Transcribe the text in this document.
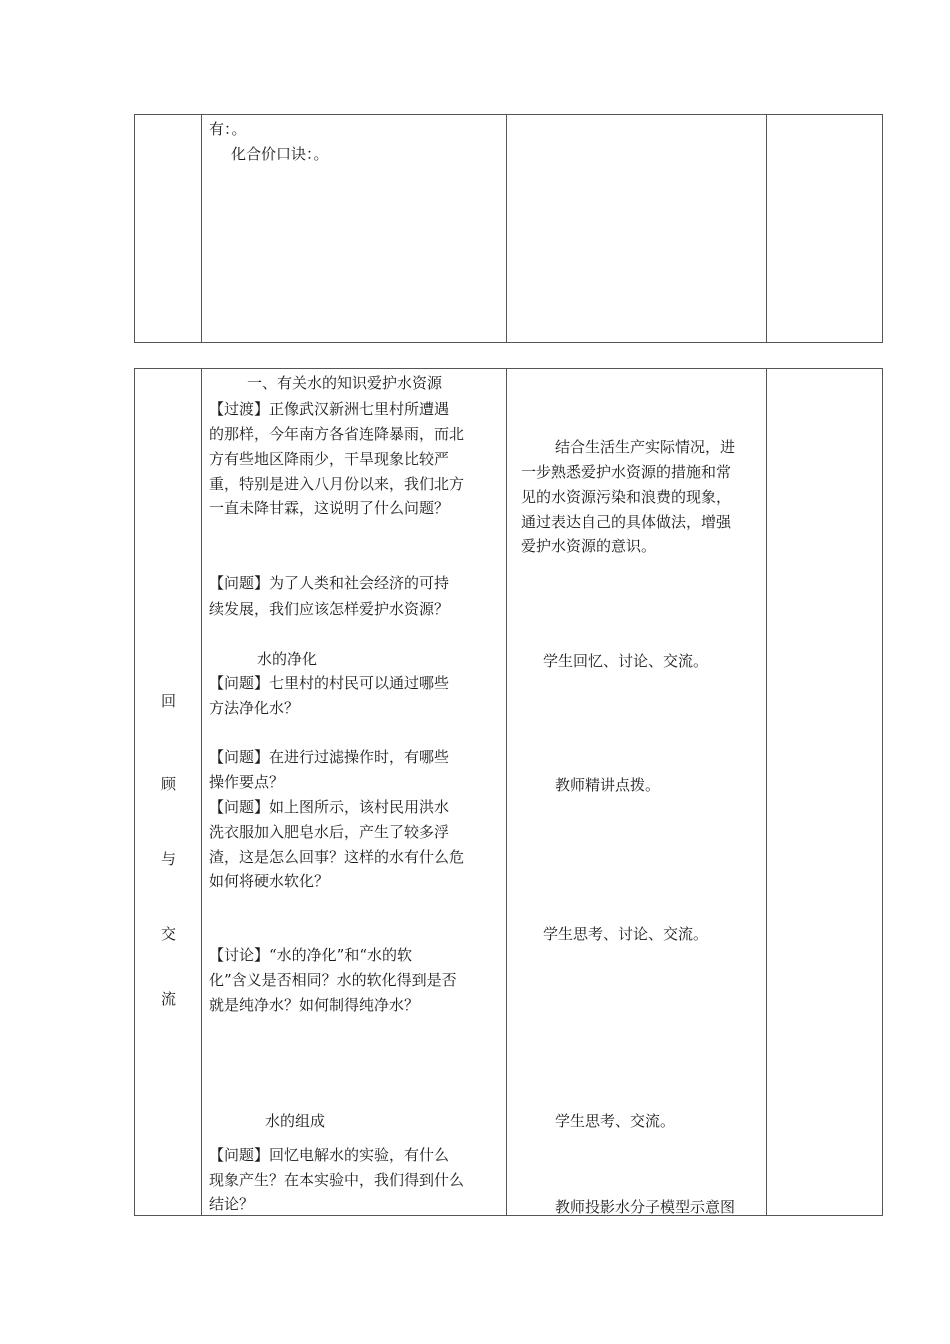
有：。
化合价口诀：。
回
顾
与
交
流
一、有关水的知识爱护水资源
【过渡】正像武汉新洲七里村所遭遇
的那样，今年南方各省连降暴雨，而北
方有些地区降雨少，干旱现象比较严
重，特别是进入八月份以来，我们北方
一直未降甘霖，这说明了什么问题？
【问题】为了人类和社会经济的可持
续发展，我们应该怎样爱护水资源？
水的净化
【问题】七里村的村民可以通过哪些
方法净化水？
【问题】在进行过滤操作时，有哪些
操作要点？
【问题】如上图所示，该村民用洪水
洗衣服加入肥皂水后，产生了较多浮
渣，这是怎么回事？这样的水有什么危
如何将硬水软化？
【讨论】“水的净化”和“水的软
化”含义是否相同？水的软化得到是否
就是纯净水？如何制得纯净水？
水的组成
【问题】回忆电解水的实验，有什么
现象产生？在本实验中，我们得到什么
结论？
结合生活生产实际情况，进
一步熟悉爱护水资源的措施和常
见的水资源污染和浪费的现象，
通过表达自己的具体做法，增强
爱护水资源的意识。
学生回忆、讨论、交流。
教师精讲点拨。
学生思考、讨论、交流。
学生思考、交流。
教师投影水分子模型示意图
